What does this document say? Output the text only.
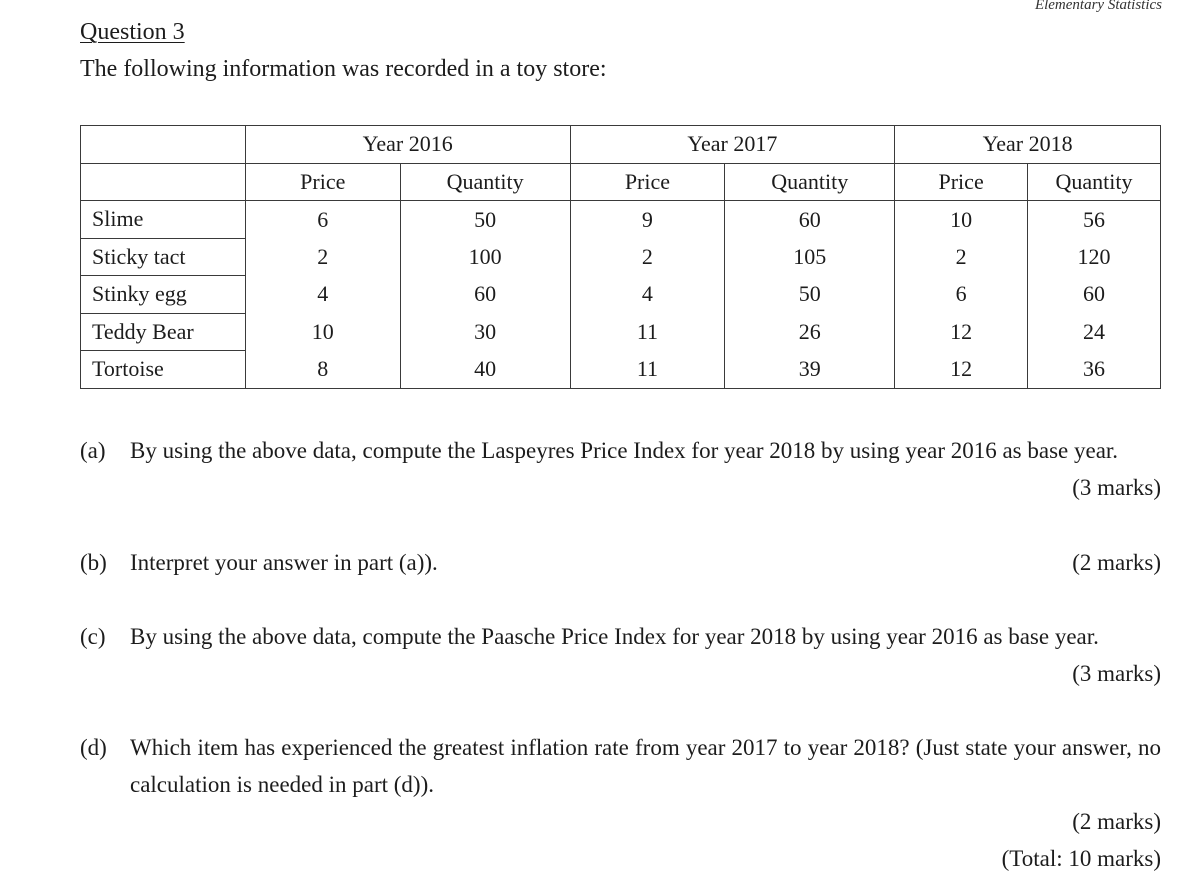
Elementary Statistics
Question 3
The following information was recorded in a toy store:
	Year 2016		Year 2017		Year 2018	
	Price	Quantity	Price	Quantity	Price	Quantity
Slime	6	50	9	60	10	56
Sticky tact	2	100	2	105	2	120
Stinky egg	4	60	4	50	6	60
Teddy Bear	10	30	11	26	12	24
Tortoise	8	40	11	39	12	36
(a) By using the above data, compute the Laspeyres Price Index for year 2018 by using year 2016 as base year.
(3 marks)
(b) Interpret your answer in part (a)).	(2 marks)
(c) By using the above data, compute the Paasche Price Index for year 2018 by using year 2016 as base year.
(3 marks)
(d) Which item has experienced the greatest inflation rate from year 2017 to year 2018? (Just state your answer, no calculation is needed in part (d)).
(2 marks)
(Total: 10 marks)
